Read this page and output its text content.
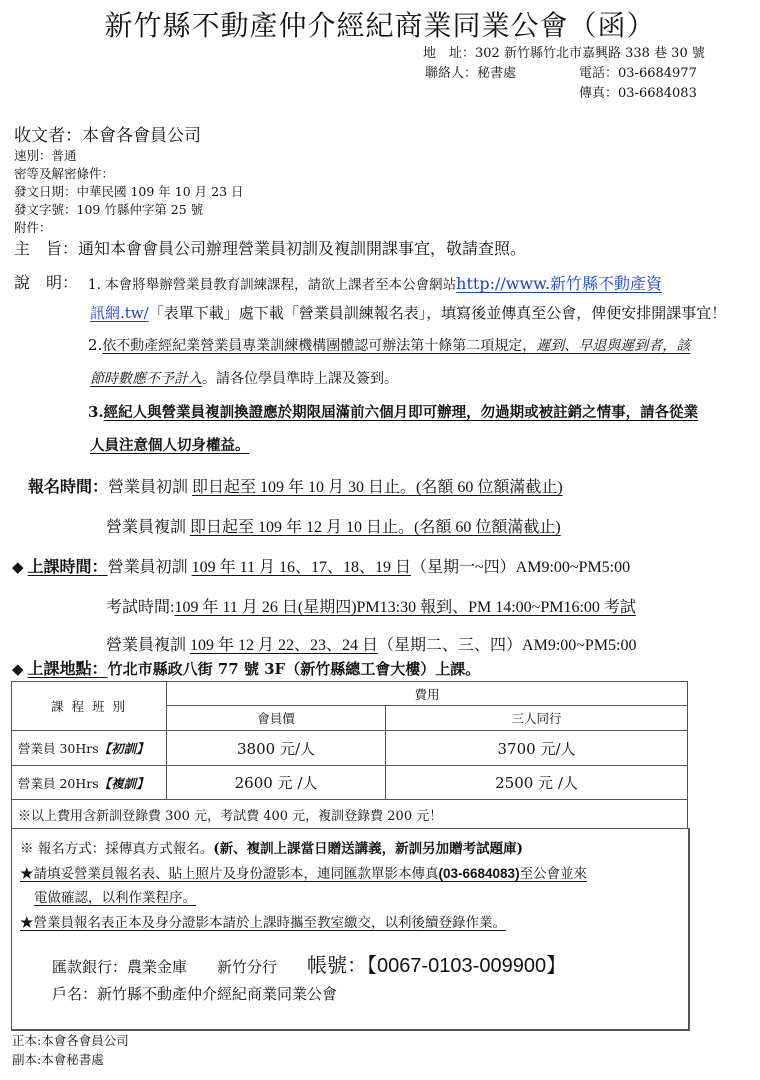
新竹縣不動產仲介經紀商業同業公會（函）
地　址：302 新竹縣竹北市嘉興路 338 巷 30 號
聯絡人：秘書處	電話：03-6684977
傳真：03-6684083
收文者：本會各會員公司
速別：普通
密等及解密條件：
發文日期：中華民國 109 年 10 月 23 日
發文字號：109 竹縣仲字第 25 號
附件：
主　旨：通知本會會員公司辦理營業員初訓及複訓開課事宜，敬請查照。
說　明： 1. 本會將舉辦營業員教育訓練課程，請欲上課者至本公會網站http://www.新竹縣不動產資
訊網.tw/「表單下載」處下載「營業員訓練報名表」，填寫後並傳真至公會，俾便安排開課事宜！
2.依不動產經紀業營業員專業訓練機構團體認可辦法第十條第二項規定，遲到、早退與遲到者，該
節時數應不予計入。請各位學員準時上課及簽到。
3.經紀人與營業員複訓換證應於期限屆滿前六個月即可辦理，勿過期或被註銷之情事，請各從業
人員注意個人切身權益。
報名時間：營業員初訓 即日起至 109 年 10 月 30 日止。(名額 60 位額滿截止)
營業員複訓 即日起至 109 年 12 月 10 日止。(名額 60 位額滿截止)
◆ 上課時間：營業員初訓 109 年 11 月 16、17、18、19 日（星期一~四）AM9:00~PM5:00
考試時間:109 年 11 月 26 日(星期四)PM13:30 報到、PM 14:00~PM16:00 考試
營業員複訓 109 年 12 月 22、23、24 日（星期二、三、四）AM9:00~PM5:00
◆ 上課地點：竹北市縣政八街 77 號 3F（新竹縣總工會大樓）上課。
課 程 班 別	費用	
	會員價	三人同行
營業員 30Hrs【初訓】	3800 元/人	3700 元/人
營業員 20Hrs【複訓】	2600 元 /人	2500 元 /人
※以上費用含新訓登錄費 300 元，考試費 400 元，複訓登錄費 200 元！		
※ 報名方式：採傳真方式報名。(新、複訓上課當日贈送講義，新訓另加贈考試題庫)
★請填妥營業員報名表、貼上照片及身份證影本，連同匯款單影本傳真(03-6684083)至公會並來
電做確認，以利作業程序。
★營業員報名表正本及身分證影本請於上課時攜至教室繳交，以利後續登錄作業。
匯款銀行：農業金庫   新竹分行   帳號：【0067-0103-009900】
戶名：新竹縣不動產仲介經紀商業同業公會
正本:本會各會員公司
副本:本會秘書處
